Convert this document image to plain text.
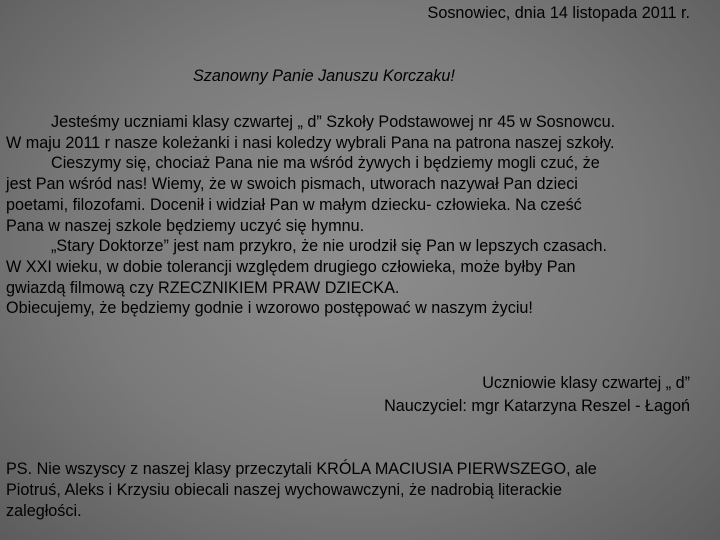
Sosnowiec, dnia 14 listopada 2011 r.
Szanowny Panie Januszu Korczaku!

Jesteśmy uczniami klasy czwartej „ d” Szkoły Podstawowej nr 45 w Sosnowcu.

W maju 2011 r nasze koleżanki i nasi koledzy wybrali Pana na patrona naszej szkoły.

Cieszymy się, chociaż Pana nie ma wśród żywych i będziemy mogli czuć, że

jest Pan wśród nas! Wiemy, że w swoich pismach, utworach nazywał Pan dzieci

poetami, filozofami. Docenił i widział Pan w małym dziecku- człowieka. Na cześć

Pana w naszej szkole będziemy uczyć się hymnu.

„Stary Doktorze” jest nam przykro, że nie urodził się Pan w lepszych czasach.

W XXI wieku, w dobie tolerancji względem drugiego człowieka, może byłby Pan

gwiazdą filmową czy RZECZNIKIEM PRAW DZIECKA.

Obiecujemy, że będziemy godnie i wzorowo postępować w naszym życiu!

Uczniowie klasy czwartej „ d”
Nauczyciel: mgr Katarzyna Reszel - Łagoń

PS. Nie wszyscy z naszej klasy przeczytali KRÓLA MACIUSIA PIERWSZEGO, ale

Piotruś, Aleks i Krzysiu obiecali naszej wychowawczyni, że nadrobią literackie

zaległości.
